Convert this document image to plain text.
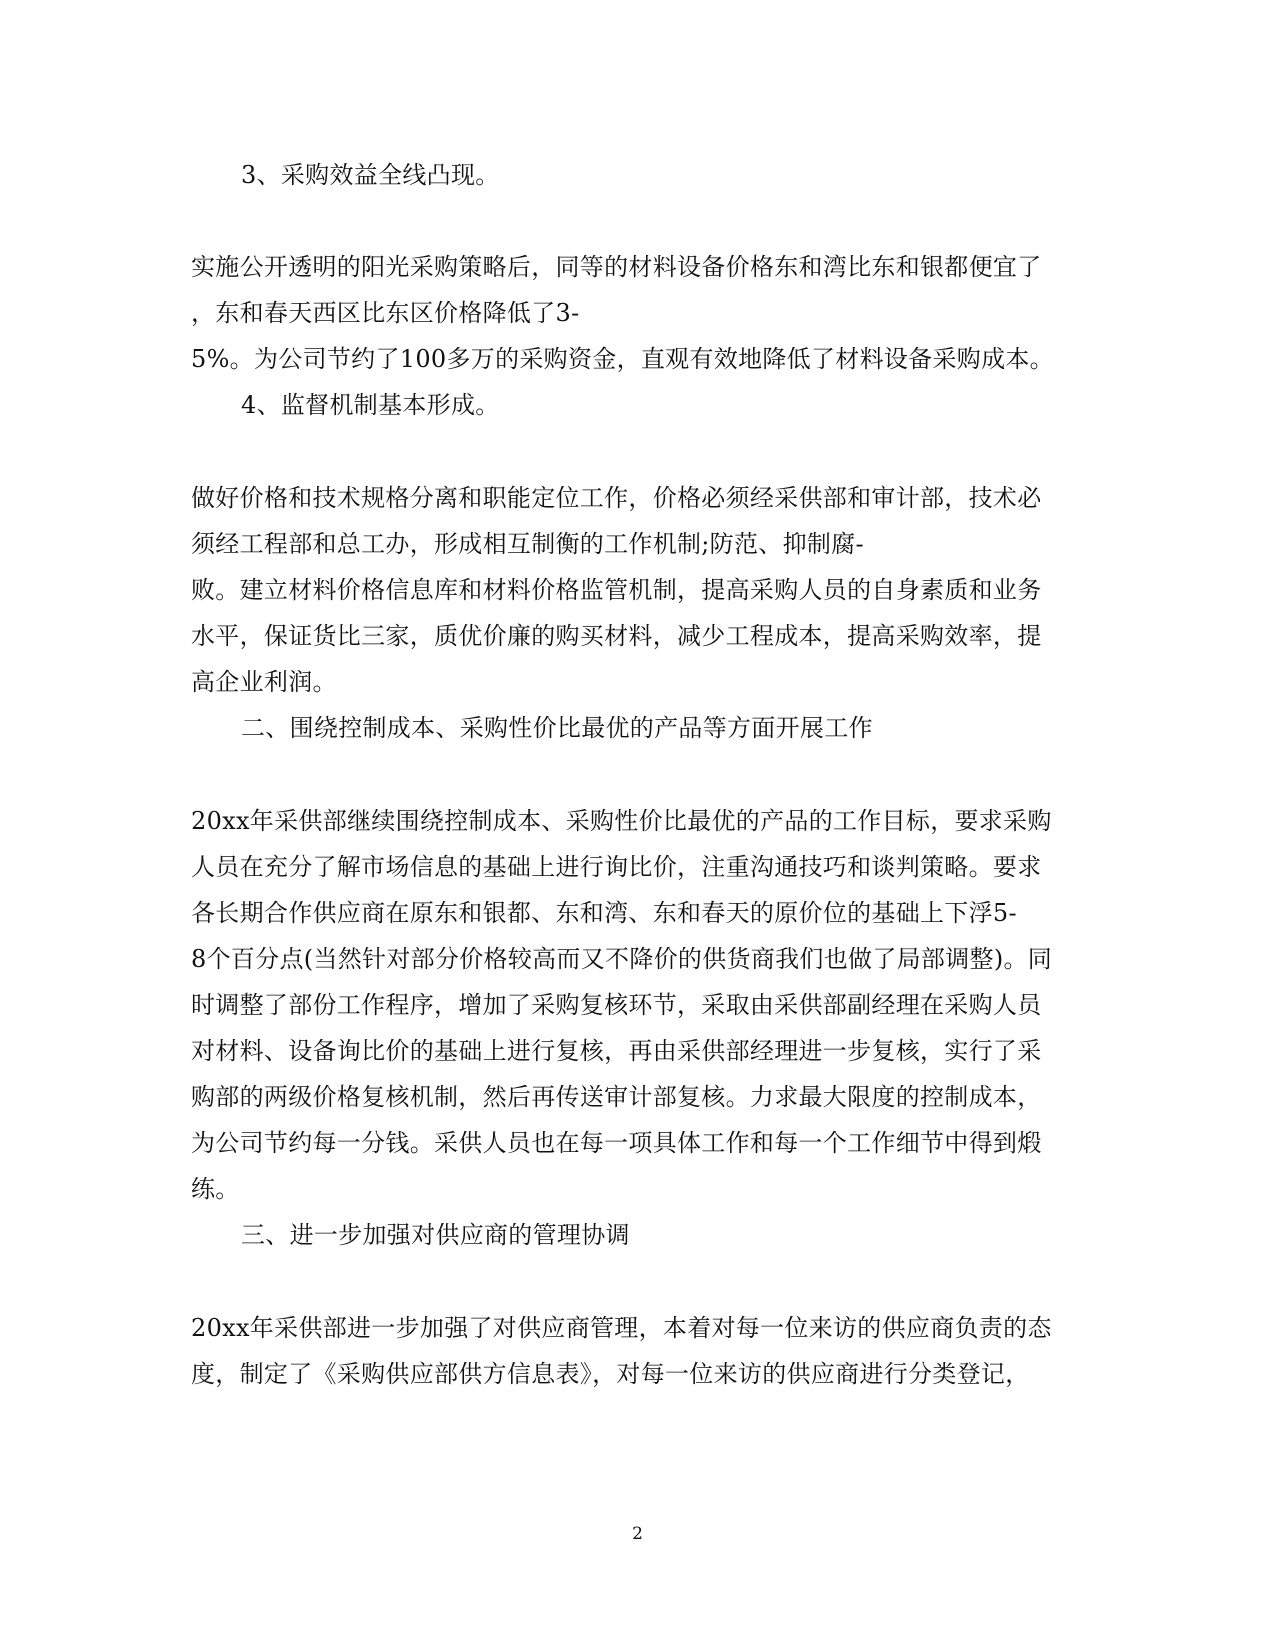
3、采购效益全线凸现。
实施公开透明的阳光采购策略后，同等的材料设备价格东和湾比东和银都便宜了
，东和春天西区比东区价格降低了3-
5%。为公司节约了100多万的采购资金，直观有效地降低了材料设备采购成本。
4、监督机制基本形成。
做好价格和技术规格分离和职能定位工作，价格必须经采供部和审计部，技术必
须经工程部和总工办，形成相互制衡的工作机制;防范、抑制腐-
败。建立材料价格信息库和材料价格监管机制，提高采购人员的自身素质和业务
水平，保证货比三家，质优价廉的购买材料，减少工程成本，提高采购效率，提
高企业利润。
二、围绕控制成本、采购性价比最优的产品等方面开展工作
20xx年采供部继续围绕控制成本、采购性价比最优的产品的工作目标，要求采购
人员在充分了解市场信息的基础上进行询比价，注重沟通技巧和谈判策略。要求
各长期合作供应商在原东和银都、东和湾、东和春天的原价位的基础上下浮5-
8个百分点(当然针对部分价格较高而又不降价的供货商我们也做了局部调整)。同
时调整了部份工作程序，增加了采购复核环节，采取由采供部副经理在采购人员
对材料、设备询比价的基础上进行复核，再由采供部经理进一步复核，实行了采
购部的两级价格复核机制，然后再传送审计部复核。力求最大限度的控制成本，
为公司节约每一分钱。采供人员也在每一项具体工作和每一个工作细节中得到煅
练。
三、进一步加强对供应商的管理协调
20xx年采供部进一步加强了对供应商管理，本着对每一位来访的供应商负责的态
度，制定了《采购供应部供方信息表》，对每一位来访的供应商进行分类登记，
2
